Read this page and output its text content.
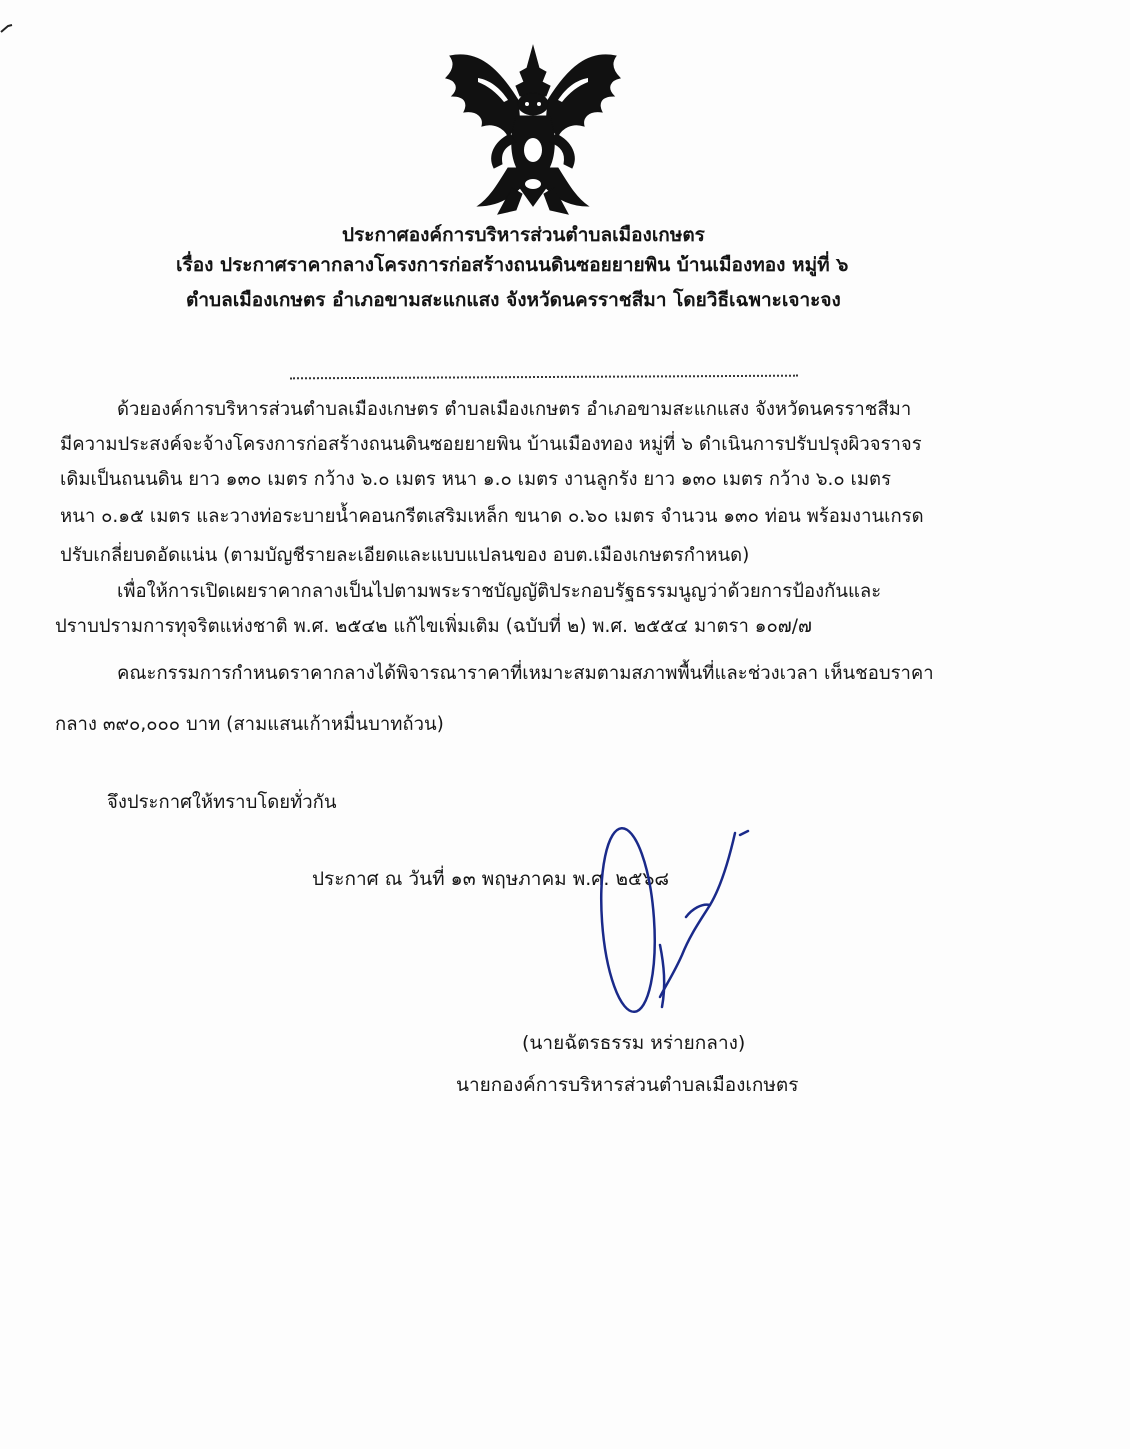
ประกาศองค์การบริหารส่วนตำบลเมืองเกษตร
เรื่อง ประกาศราคากลางโครงการก่อสร้างถนนดินซอยยายพิน บ้านเมืองทอง หมู่ที่ ๖
ตำบลเมืองเกษตร อำเภอขามสะแกแสง จังหวัดนครราชสีมา โดยวิธีเฉพาะเจาะจง
ด้วยองค์การบริหารส่วนตำบลเมืองเกษตร ตำบลเมืองเกษตร อำเภอขามสะแกแสง จังหวัดนครราชสีมา
มีความประสงค์จะจ้างโครงการก่อสร้างถนนดินซอยยายพิน บ้านเมืองทอง หมู่ที่ ๖ ดำเนินการปรับปรุงผิวจราจร
เดิมเป็นถนนดิน ยาว ๑๓๐ เมตร กว้าง ๖.๐ เมตร หนา ๑.๐ เมตร งานลูกรัง ยาว ๑๓๐ เมตร กว้าง ๖.๐ เมตร
หนา ๐.๑๕ เมตร และวางท่อระบายน้ำคอนกรีตเสริมเหล็ก ขนาด ๐.๖๐ เมตร จำนวน ๑๓๐ ท่อน พร้อมงานเกรด
ปรับเกลี่ยบดอัดแน่น (ตามบัญชีรายละเอียดและแบบแปลนของ อบต.เมืองเกษตรกำหนด)
เพื่อให้การเปิดเผยราคากลางเป็นไปตามพระราชบัญญัติประกอบรัฐธรรมนูญว่าด้วยการป้องกันและ
ปราบปรามการทุจริตแห่งชาติ พ.ศ. ๒๕๔๒ แก้ไขเพิ่มเติม (ฉบับที่ ๒) พ.ศ. ๒๕๕๔ มาตรา ๑๐๗/๗
คณะกรรมการกำหนดราคากลางได้พิจารณาราคาที่เหมาะสมตามสภาพพื้นที่และช่วงเวลา เห็นชอบราคา
กลาง ๓๙๐,๐๐๐ บาท (สามแสนเก้าหมื่นบาทถ้วน)
จึงประกาศให้ทราบโดยทั่วกัน
ประกาศ ณ วันที่ ๑๓ พฤษภาคม พ.ศ. ๒๕๖๘
(นายฉัตรธรรม หร่ายกลาง)
นายกองค์การบริหารส่วนตำบลเมืองเกษตร
